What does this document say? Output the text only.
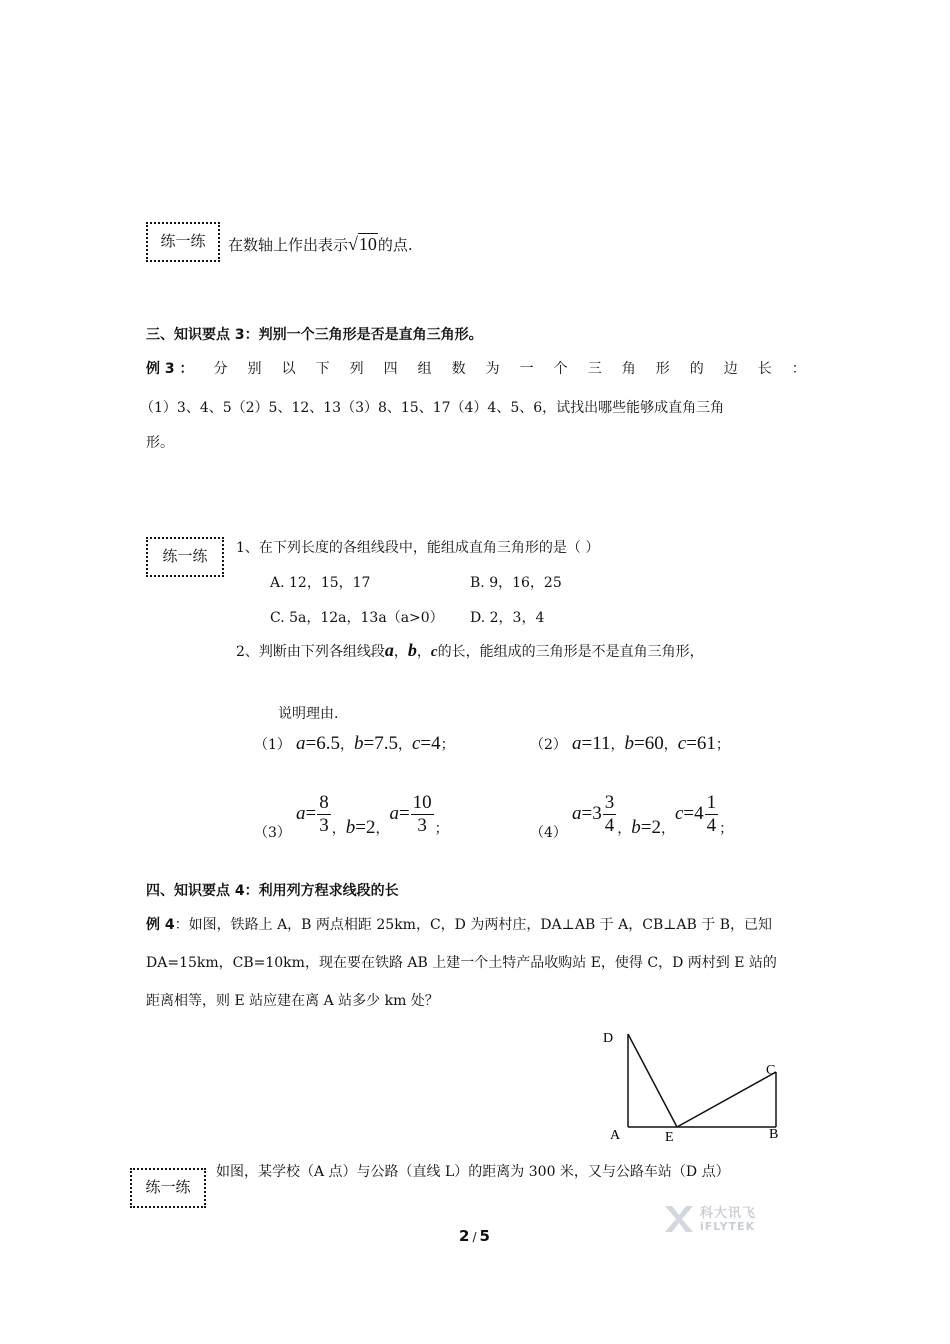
练一练	在数轴上作出表示√10的点.
三、知识要点 3：判别一个三角形是否是直角三角形。
例 3 ： 分 别 以 下 列 四 组 数 为 一 个 三 角 形 的 边 长 ：
（1）3、4、5（2）5、12、13（3）8、15、17（4）4、5、6，试找出哪些能够成直角三角
形。
练一练	1、在下列长度的各组线段中，能组成直角三角形的是（ ）
A. 12，15，17	B. 9，16，25
C. 5a，12a，13a（a>0） D. 2，3，4
2、判断由下列各组线段a，b，c的长，能组成的三角形是不是直角三角形，
说明理由.
（1） a=6.5，b=7.5，c=4；	（2） a=11，b=60，c=61；
（3） $a= \frac{8}{3}$ ，b=2，$a= \frac{10}{3}$ ；	（4） $a=3 \frac{3}{4}$ ，b=2，$c=4 \frac{1}{4}$ ；
四、知识要点 4：利用列方程求线段的长
例 4：如图，铁路上 A，B 两点相距 25km，C，D 为两村庄，DA⊥AB 于 A，CB⊥AB 于 B，已知
DA=15km，CB=10km，现在要在铁路 AB 上建一个土特产品收购站 E，使得 C，D 两村到 E 站的
距离相等，则 E 站应建在离 A 站多少 km 处？
D
C
A	E	B
练一练
如图，某学校（A 点）与公路（直线 L）的距离为 300 米，又与公路车站（D 点）
2 / 5
科大讯飞
iFLYTEK
